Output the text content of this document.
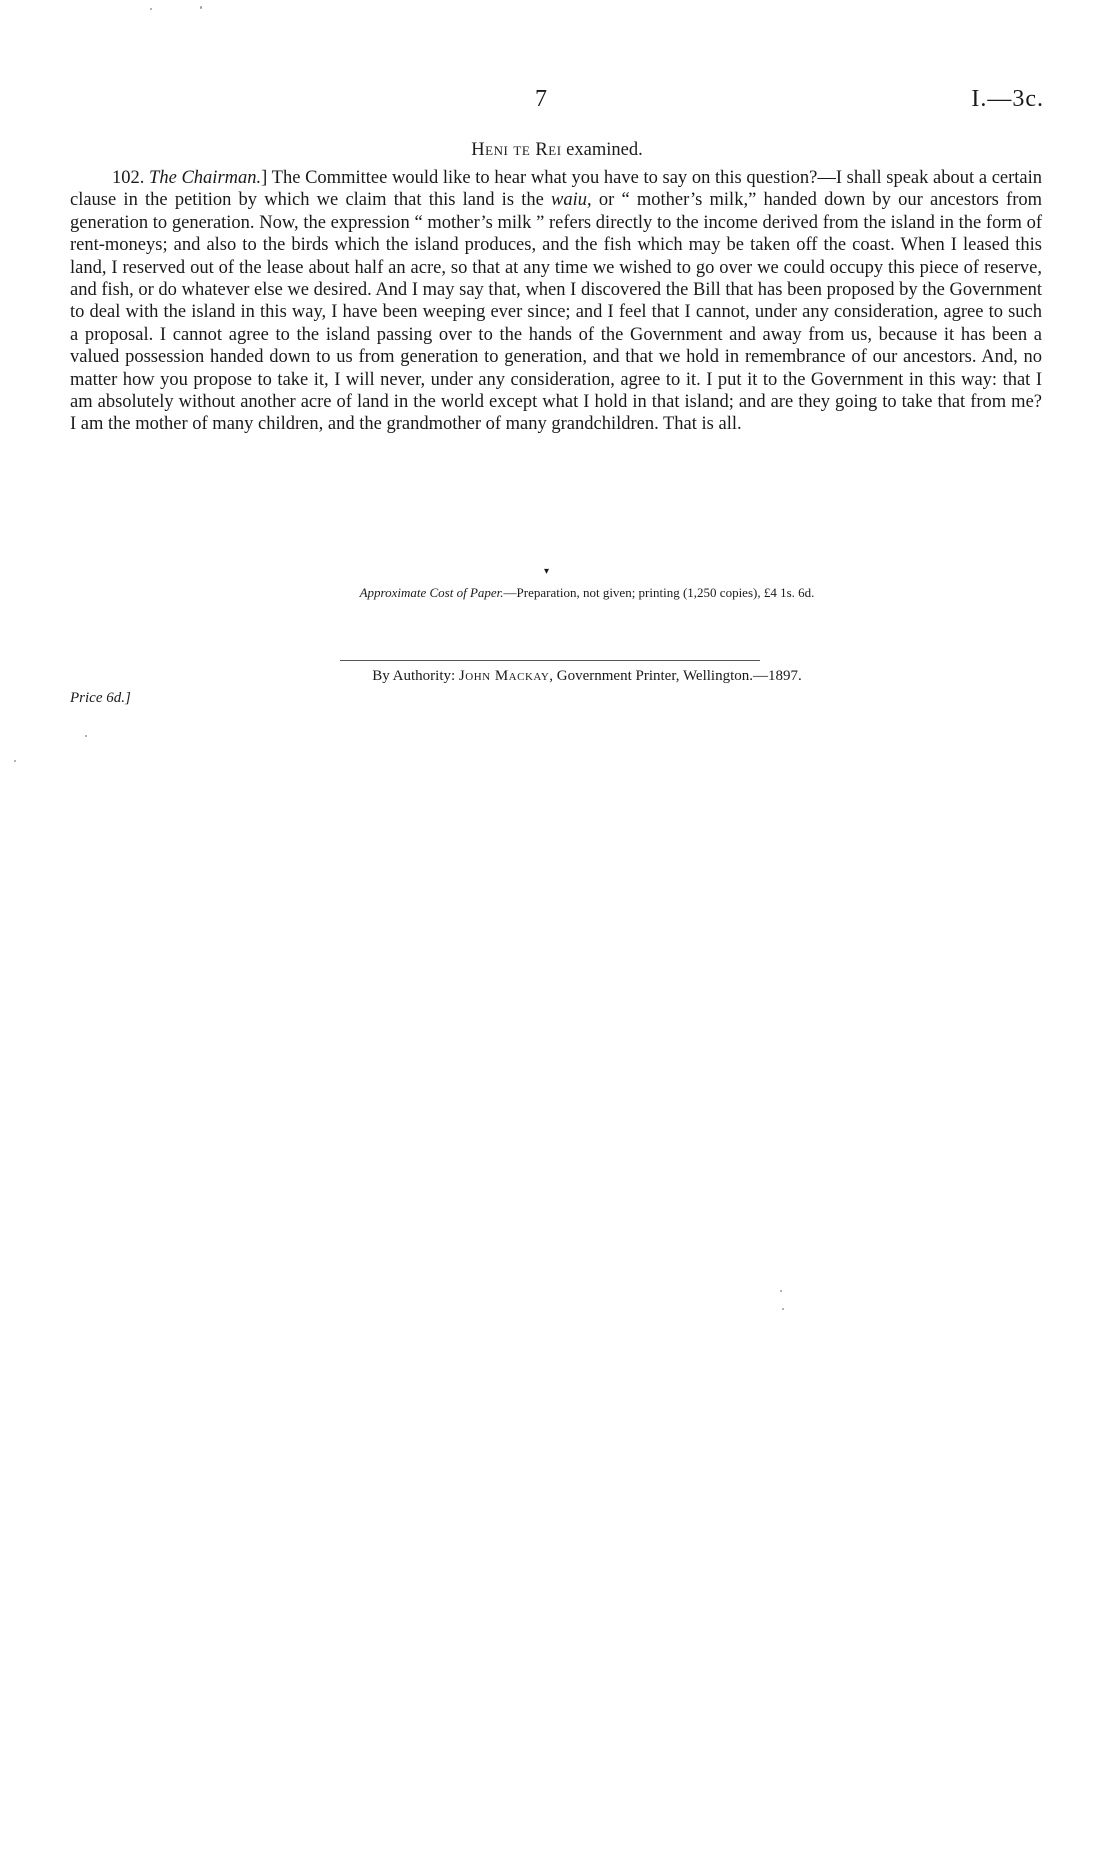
7	I.—3c.
Heni te Rei examined.

102. The Chairman.] The Committee would like to hear what you have to say on this question?—I shall speak about a certain clause in the petition by which we claim that this land is the waiu, or “ mother’s milk,” handed down by our ancestors from generation to generation. Now, the expression “ mother’s milk ” refers directly to the income derived from the island in the form of rent-moneys; and also to the birds which the island produces, and the fish which may be taken off the coast. When I leased this land, I reserved out of the lease about half an acre, so that at any time we wished to go over we could occupy this piece of reserve, and fish, or do whatever else we desired. And I may say that, when I discovered the Bill that has been proposed by the Government to deal with the island in this way, I have been weeping ever since; and I feel that I cannot, under any consideration, agree to such a proposal. I cannot agree to the island passing over to the hands of the Government and away from us, because it has been a valued possession handed down to us from generation to generation, and that we hold in remembrance of our ancestors. And, no matter how you propose to take it, I will never, under any consideration, agree to it. I put it to the Government in this way: that I am absolutely without another acre of land in the world except what I hold in that island; and are they going to take that from me? I am the mother of many children, and the grandmother of many grandchildren. That is all.

▾
Approximate Cost of Paper.—Preparation, not given; printing (1,250 copies), £4 1s. 6d.
By Authority: John Mackay, Government Printer, Wellington.—1897.
Price 6d.]
